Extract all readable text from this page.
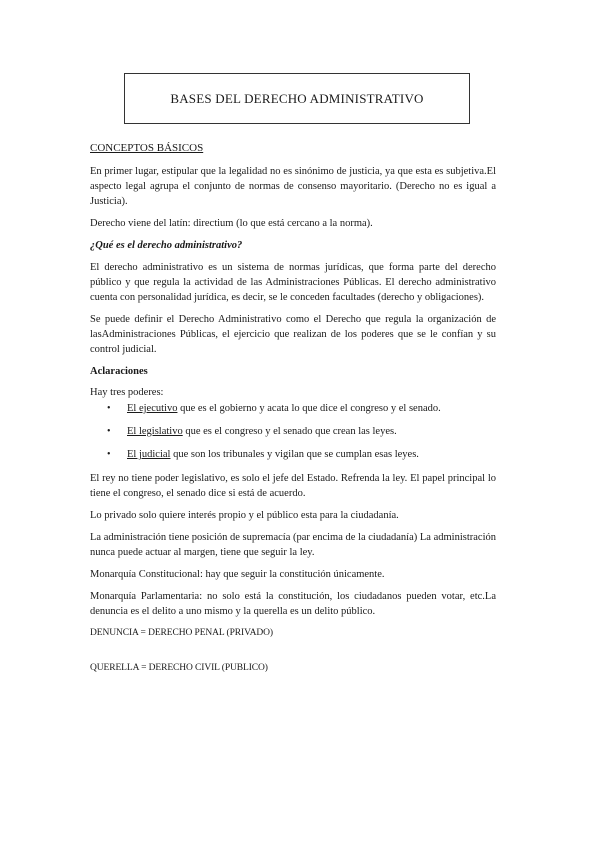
BASES DEL DERECHO ADMINISTRATIVO

CONCEPTOS BÁSICOS

En primer lugar, estipular que la legalidad no es sinónimo de justicia, ya que esta es subjetiva.El aspecto legal agrupa el conjunto de normas de consenso mayoritario. (Derecho no es igual a Justicia).

Derecho viene del latín: directium (lo que está cercano a la norma).

¿Qué es el derecho administrativo?

El derecho administrativo es un sistema de normas jurídicas, que forma parte del derecho público y que regula la actividad de las Administraciones Públicas. El derecho administrativo cuenta con personalidad jurídica, es decir, se le conceden facultades (derecho y obligaciones).

Se puede definir el Derecho Administrativo como el Derecho que regula la organización de lasAdministraciones Públicas, el ejercicio que realizan de los poderes que se le confían y su control judicial.

Aclaraciones

Hay tres poderes:

• El ejecutivo que es el gobierno y acata lo que dice el congreso y el senado.
• El legislativo que es el congreso y el senado que crean las leyes.
• El judicial que son los tribunales y vigilan que se cumplan esas leyes.

El rey no tiene poder legislativo, es solo el jefe del Estado. Refrenda la ley. El papel principal lo tiene el congreso, el senado dice si está de acuerdo.

Lo privado solo quiere interés propio y el público esta para la ciudadanía.

La administración tiene posición de supremacía (par encima de la ciudadanía) La administración nunca puede actuar al margen, tiene que seguir la ley.

Monarquía Constitucional: hay que seguir la constitución únicamente.

Monarquía Parlamentaria: no solo está la constitución, los ciudadanos pueden votar, etc.La denuncia es el delito a uno mismo y la querella es un delito público.

DENUNCIA = DERECHO PENAL (PRIVADO)

QUERELLA = DERECHO CIVIL (PUBLICO)
